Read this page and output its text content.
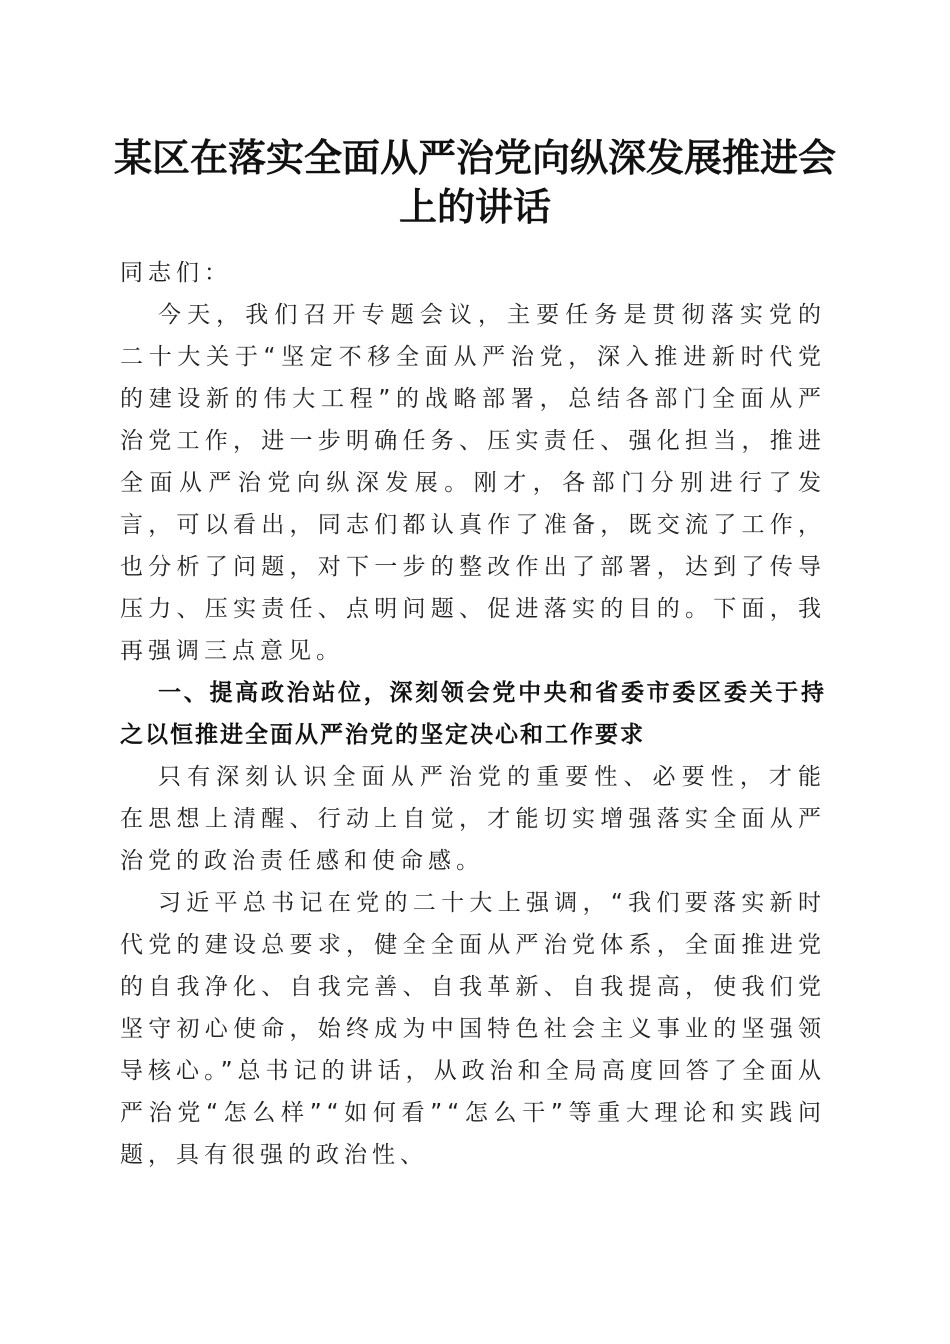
某区在落实全面从严治党向纵深发展推进会上的讲话

同志们：

今天，我们召开专题会议，主要任务是贯彻落实党的二十大关于“坚定不移全面从严治党，深入推进新时代党的建设新的伟大工程”的战略部署，总结各部门全面从严治党工作，进一步明确任务、压实责任、强化担当，推进全面从严治党向纵深发展。刚才，各部门分别进行了发言，可以看出，同志们都认真作了准备，既交流了工作，也分析了问题，对下一步的整改作出了部署，达到了传导压力、压实责任、点明问题、促进落实的目的。下面，我再强调三点意见。

一、提高政治站位，深刻领会党中央和省委市委区委关于持之以恒推进全面从严治党的坚定决心和工作要求

只有深刻认识全面从严治党的重要性、必要性，才能在思想上清醒、行动上自觉，才能切实增强落实全面从严治党的政治责任感和使命感。

习近平总书记在党的二十大上强调，“我们要落实新时代党的建设总要求，健全全面从严治党体系，全面推进党的自我净化、自我完善、自我革新、自我提高，使我们党坚守初心使命，始终成为中国特色社会主义事业的坚强领导核心。”总书记的讲话，从政治和全局高度回答了全面从严治党“怎么样”“如何看”“怎么干”等重大理论和实践问题，具有很强的政治性、
